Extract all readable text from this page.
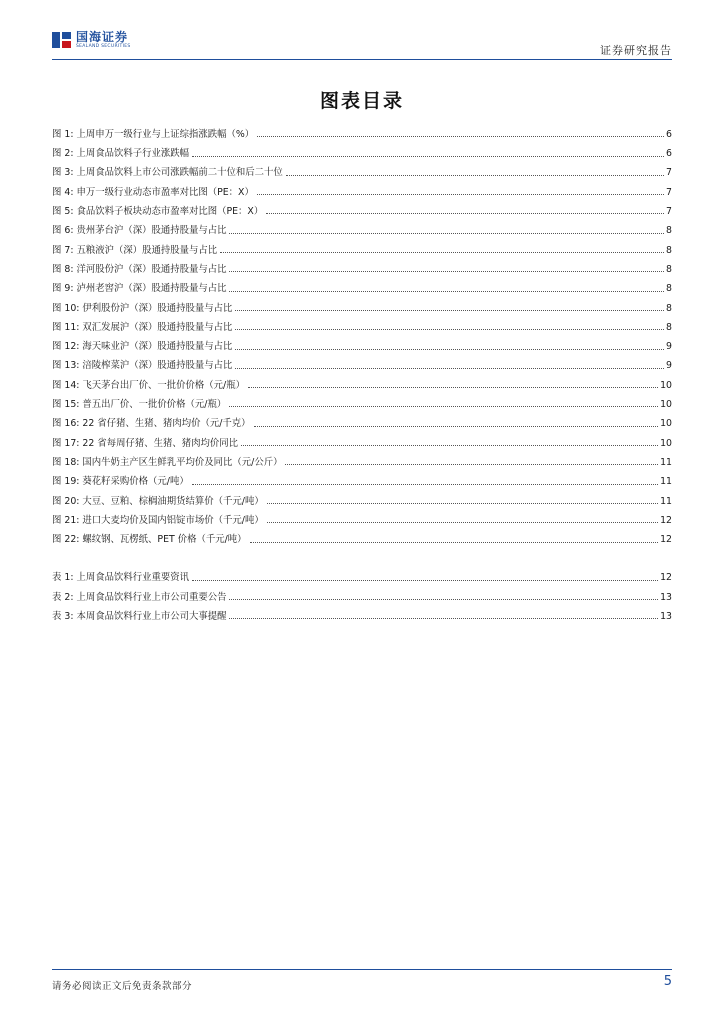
国海证券
SEALAND SECURITIES	证券研究报告
图表目录
图 1: 上周申万一级行业与上证综指涨跌幅（%）	6
图 2: 上周食品饮料子行业涨跌幅	6
图 3: 上周食品饮料上市公司涨跌幅前二十位和后二十位	7
图 4: 申万一级行业动态市盈率对比图（PE：X）	7
图 5: 食品饮料子板块动态市盈率对比图（PE：X）	7
图 6: 贵州茅台沪（深）股通持股量与占比	8
图 7: 五粮液沪（深）股通持股量与占比	8
图 8: 洋河股份沪（深）股通持股量与占比	8
图 9: 泸州老窖沪（深）股通持股量与占比	8
图 10: 伊利股份沪（深）股通持股量与占比	8
图 11: 双汇发展沪（深）股通持股量与占比	8
图 12: 海天味业沪（深）股通持股量与占比	9
图 13: 涪陵榨菜沪（深）股通持股量与占比	9
图 14: 飞天茅台出厂价、一批价价格（元/瓶）	10
图 15: 普五出厂价、一批价价格（元/瓶）	10
图 16: 22 省仔猪、生猪、猪肉均价（元/千克）	10
图 17: 22 省每周仔猪、生猪、猪肉均价同比	10
图 18: 国内牛奶主产区生鲜乳平均价及同比（元/公斤）	11
图 19: 葵花籽采购价格（元/吨）	11
图 20: 大豆、豆粕、棕榈油期货结算价（千元/吨）	11
图 21: 进口大麦均价及国内铝锭市场价（千元/吨）	12
图 22: 螺纹钢、瓦楞纸、PET 价格（千元/吨）	12
表 1: 上周食品饮料行业重要资讯	12
表 2: 上周食品饮料行业上市公司重要公告	13
表 3: 本周食品饮料行业上市公司大事提醒	13
请务必阅读正文后免责条款部分	5
